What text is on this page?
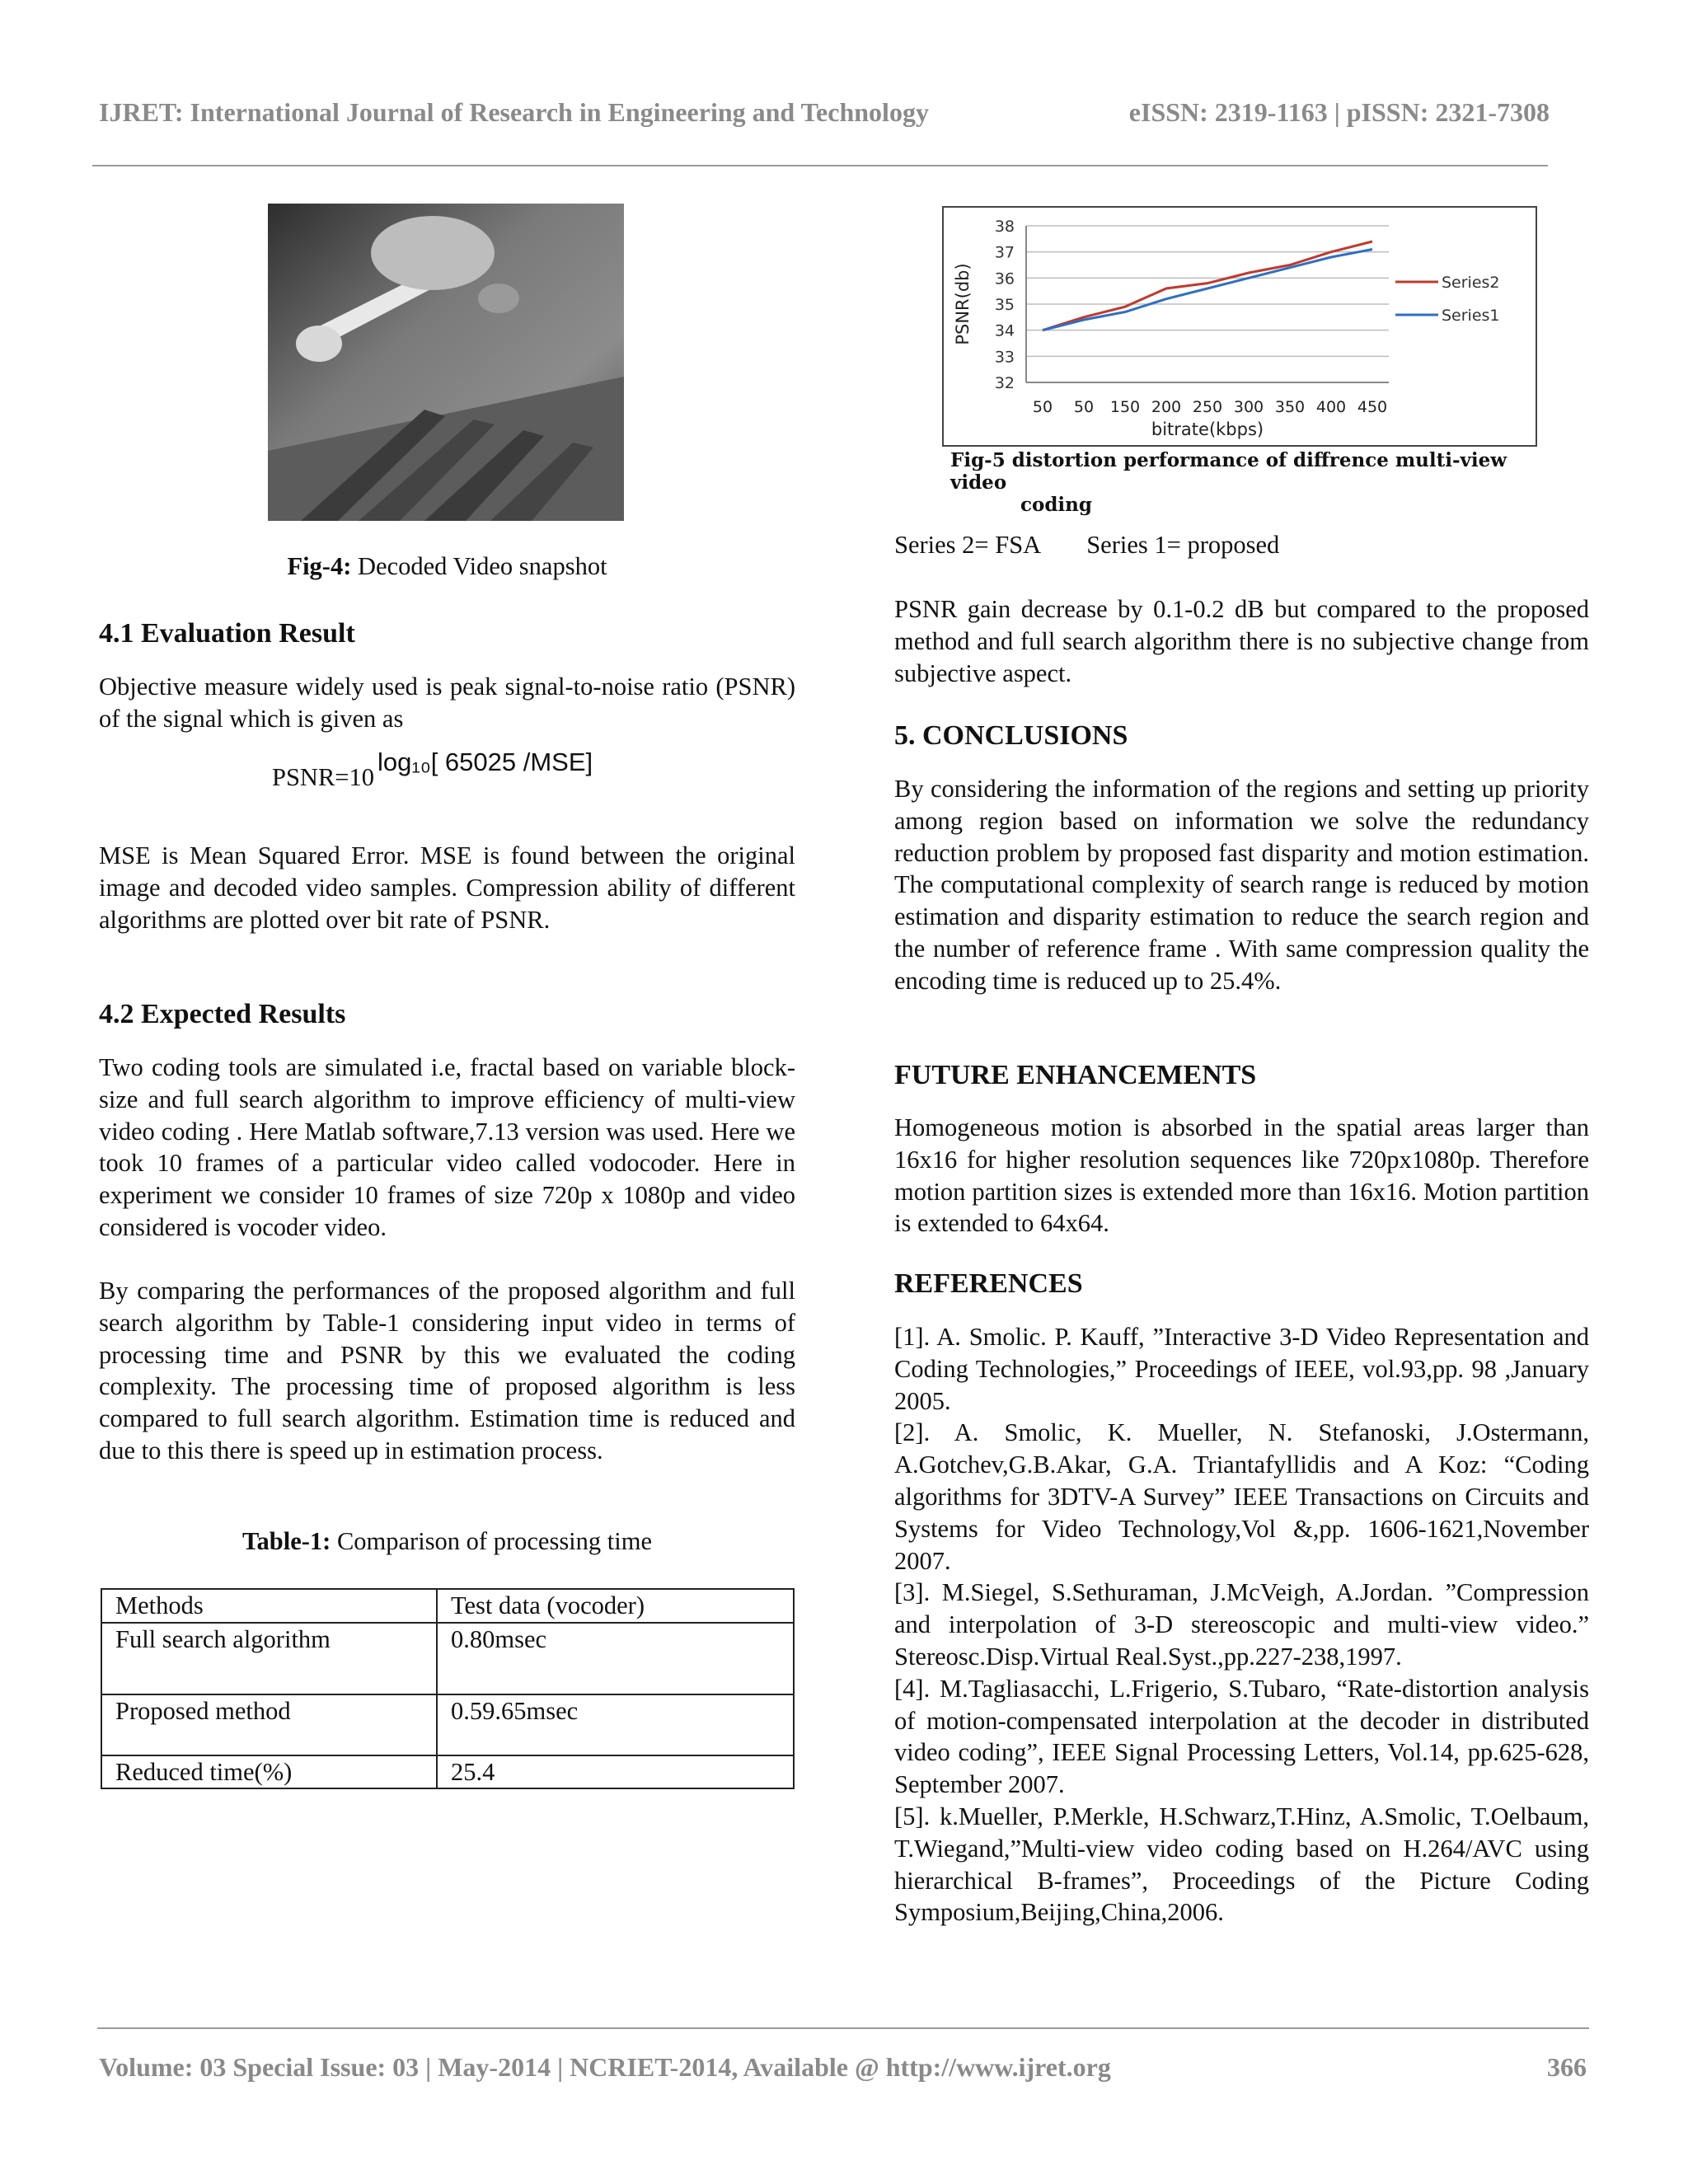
IJRET: International Journal of Research in Engineering and Technology	eISSN: 2319-1163 | pISSN: 2321-7308
Fig-4: Decoded Video snapshot
4.1 Evaluation Result

Objective measure widely used is peak signal-to-noise ratio (PSNR) of the signal which is given as

PSNR=10log₁₀[ 65025 /MSE]

MSE is Mean Squared Error. MSE is found between the original image and decoded video samples. Compression ability of different algorithms are plotted over bit rate of PSNR.

4.2 Expected Results

Two coding tools are simulated i.e, fractal based on variable block-size and full search algorithm to improve efficiency of multi-view video coding . Here Matlab software,7.13 version was used. Here we took 10 frames of a particular video called vodocoder. Here in experiment we consider 10 frames of size 720p x 1080p and video considered is vocoder video.

By comparing the performances of the proposed algorithm and full search algorithm by Table-1 considering input video in terms of processing time and PSNR by this we evaluated the coding complexity. The processing time of proposed algorithm is less compared to full search algorithm. Estimation time is reduced and due to this there is speed up in estimation process.

Table-1: Comparison of processing time
Methods	Test data (vocoder)
Full search algorithm	0.80msec
Proposed method	0.59.65msec
Reduced time(%)	25.4
32
33
34
35
36
37
38
50 50 150 200 250 300 350 400 450
bitrate(kbps)
PSNR(db)	Series2
Series1
Fig-5 distortion performance of diffrence multi-view video
coding
Series 2= FSA Series 1= proposed

PSNR gain decrease by 0.1-0.2 dB but compared to the proposed method and full search algorithm there is no subjective change from subjective aspect.

5. CONCLUSIONS

By considering the information of the regions and setting up priority among region based on information we solve the redundancy reduction problem by proposed fast disparity and motion estimation. The computational complexity of search range is reduced by motion estimation and disparity estimation to reduce the search region and the number of reference frame . With same compression quality the encoding time is reduced up to 25.4%.

FUTURE ENHANCEMENTS

Homogeneous motion is absorbed in the spatial areas larger than 16x16 for higher resolution sequences like 720px1080p. Therefore motion partition sizes is extended more than 16x16. Motion partition is extended to 64x64.

REFERENCES

[1]. A. Smolic. P. Kauff, ”Interactive 3-D Video Representation and Coding Technologies,” Proceedings of IEEE, vol.93,pp. 98 ,January 2005.

[2]. A. Smolic, K. Mueller, N. Stefanoski, J.Ostermann, A.Gotchev,G.B.Akar, G.A. Triantafyllidis and A Koz: “Coding algorithms for 3DTV-A Survey” IEEE Transactions on Circuits and Systems for Video Technology,Vol &,pp. 1606-1621,November 2007.

[3]. M.Siegel, S.Sethuraman, J.McVeigh, A.Jordan. ”Compression and interpolation of 3-D stereoscopic and multi-view video.” Stereosc.Disp.Virtual Real.Syst.,pp.227-238,1997.

[4]. M.Tagliasacchi, L.Frigerio, S.Tubaro, “Rate-distortion analysis of motion-compensated interpolation at the decoder in distributed video coding”, IEEE Signal Processing Letters, Vol.14, pp.625-628, September 2007.

[5]. k.Mueller, P.Merkle, H.Schwarz,T.Hinz, A.Smolic, T.Oelbaum, T.Wiegand,”Multi-view video coding based on H.264/AVC using hierarchical B-frames”, Proceedings of the Picture Coding Symposium,Beijing,China,2006.

Volume: 03 Special Issue: 03 | May-2014 | NCRIET-2014, Available @ http://www.ijret.org	366
